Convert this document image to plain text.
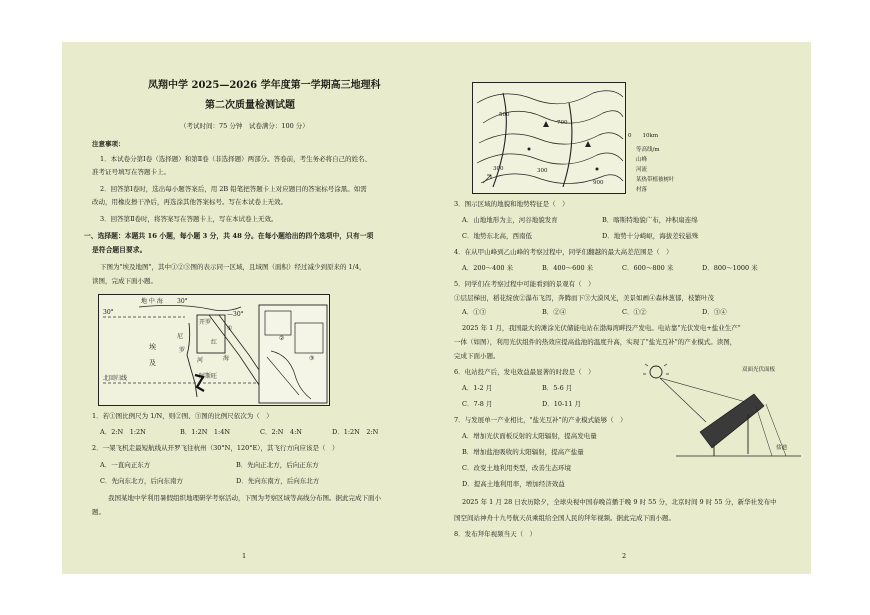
凤翔中学 2025—2026 学年度第一学期高三地理科
第二次质量检测试题
（考试时间：75 分钟　试卷满分：100 分）
注意事项：
1．本试卷分第Ⅰ卷（选择题）和第Ⅱ卷（非选择题）两部分。答卷前，考生务必将自己的姓名、
准考证号填写在答题卡上。
2．回答第Ⅰ卷时，选出每小题答案后，用 2B 铅笔把答题卡上对应题目的答案标号涂黑。如需
改动，用橡皮擦干净后，再选涂其他答案标号。写在本试卷上无效。
3．回答第Ⅱ卷时，将答案写在答题卡上，写在本试卷上无效。
一、选择题：本题共 16 小题，每小题 3 分，共 48 分。在每小题给出的四个选项中，只有一项
是符合题目要求。
下图为"埃及地图"，其中①②③图的表示同一区域，且域图（面积）经过减少到原来的 1/4，
读图，完成下面小题。
地 中 海 30°
30°	—30°
开罗
埃
及
尼
罗
河
红
海
阿斯旺
北回归线
①
②
③
1．若①图比例尺为 1/N，则②图、③图的比例尺依次为（　）
A．2:N　1:2N	B．1:2N　1:4N	C．2:N　4:N	D．1:2N　2:N
2．一架飞机走最短航线从开罗飞往杭州（30°N，120°E），其飞行方向应该是（　）
A．一直向正东方	B．先向正北方，后向正东方
C．先向东北方，后向东南方	D．先向东南方，后向东北方
我国某地中学利用暑假组织地理研学考察活动，下图为考察区域等高线分布图。据此完成下面小
题。
1
500
300
300
700
900
0　　10km
等高线/m
山峰
河流
某热带植被树叶
村落
3．图示区域的地貌和地势特征是（　）
A．山地地形为主，河谷地貌发育	B．喀斯特地貌广布，冲积扇连绵
C．地势东北高，西南低	D．地势十分崎岖，海拔差较悬殊
4．在从甲山峰到乙山峰的考察过程中，同学们翻越的最大高差范围是（　）
A．200～400 米	B．400～600 米	C．600～800 米	D．800～1000 米
5．同学们在考察过程中可能看到的景观有（　）
①层层梯田，稻花绽放②瀑布飞泻，奔腾而下③大漠风光，美景如画④森林葱郁，枝繁叶茂
A．①③	B．②④	C．①②	D．③④
2025 年 1 月，我国最大的滩涂光伏储能电站在渤海湾畔投产发电。电站靠"光伏发电+盐业生产"
一体（如图），利用光伏组件的热效应提高盐池的温度升高，实现了"盐光互补"的产业模式。读图，
完成下面小题。
6．电站投产后，发电效益最显著的时段是（　）
A．1-2 月	B．5-6 月
C．7-8 月	D．10-11 月
双面光伏面板
盐池
7．与发展单一产业相比，"盐光互补"的产业模式能够（　）
A．增加光伏面板反射的太阳辐射，提高发电量
B．增加盐池吸收的太阳辐射，提高产盐量
C．改变土地利用类型，改善生态环境
D．提高土地利用率，增加经济效益
2025 年 1 月 28 日农历除夕，全球央视中国春晚首播于晚 9 时 55 分，北京时间 9 时 55 分，新华社发布中
国空间站神舟十九号航天员乘组给全国人民的拜年视频。据此完成下面小题。
8．发布拜年视频当天（　）
2
